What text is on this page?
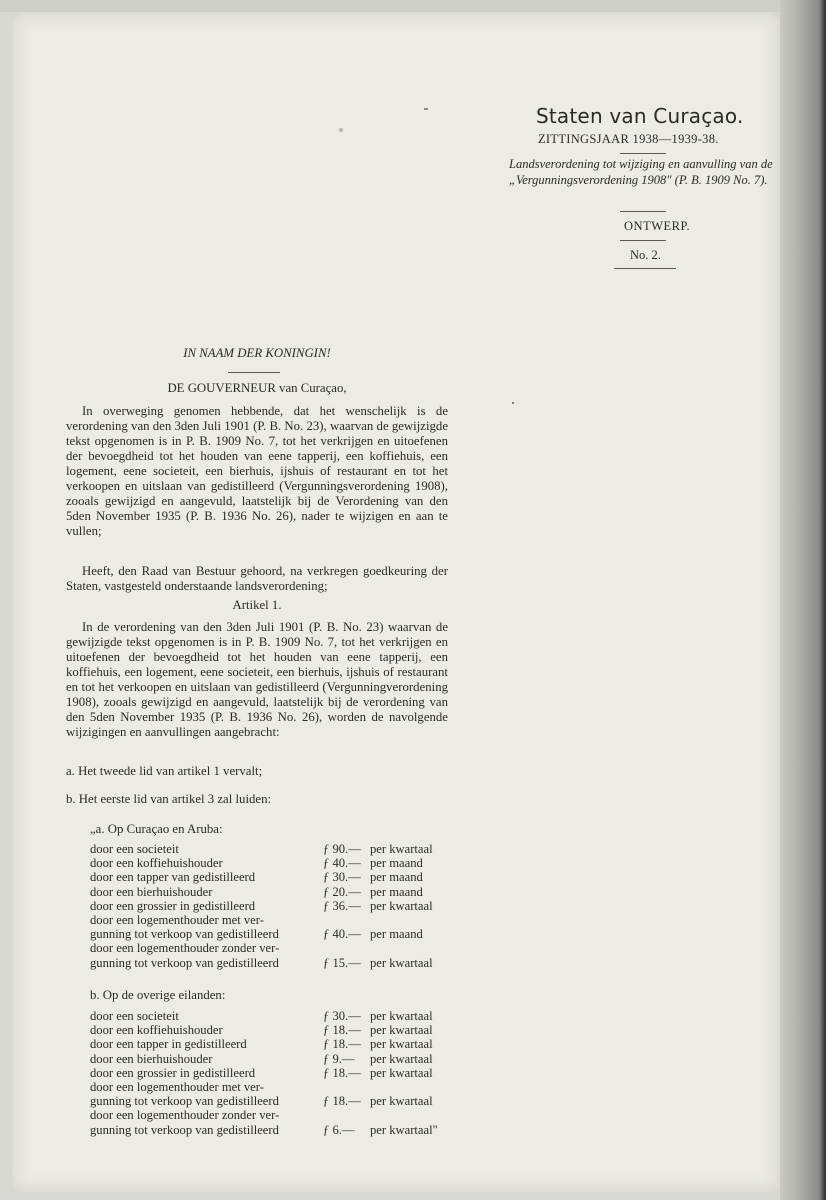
Staten van Curaçao.
ZITTINGSJAAR 1938—1939-38.
Landsverordening tot wijziging en aanvulling van de „Vergunningsverordening 1908" (P. B. 1909 No. 7).
ONTWERP.
No. 2.
IN NAAM DER KONINGIN!
DE GOUVERNEUR van Curaçao,
In overweging genomen hebbende, dat het wenschelijk is de verordening van den 3den Juli 1901 (P. B. No. 23), waarvan de gewijzigde tekst opgenomen is in P. B. 1909 No. 7, tot het verkrijgen en uitoefenen der bevoegdheid tot het houden van eene tapperij, een koffiehuis, een logement, eene societeit, een bierhuis, ijshuis of restaurant en tot het verkoopen en uitslaan van gedistilleerd (Vergunningsverordening 1908), zooals gewijzigd en aangevuld, laatstelijk bij de Verordening van den 5den November 1935 (P. B. 1936 No. 26), nader te wijzigen en aan te vullen;
Heeft, den Raad van Bestuur gehoord, na verkregen goedkeuring der Staten, vastgesteld onderstaande landsverordening;
Artikel 1.
In de verordening van den 3den Juli 1901 (P. B. No. 23) waarvan de gewijzigde tekst opgenomen is in P. B. 1909 No. 7, tot het verkrijgen en uitoefenen der bevoegdheid tot het houden van eene tapperij, een koffiehuis, een logement, eene societeit, een bierhuis, ijshuis of restaurant en tot het verkoopen en uitslaan van gedistilleerd (Vergunningverordening 1908), zooals gewijzigd en aangevuld, laatstelijk bij de verordening van den 5den November 1935 (P. B. 1936 No. 26), worden de navolgende wijzigingen en aanvullingen aangebracht:
a. Het tweede lid van artikel 1 vervalt;
b. Het eerste lid van artikel 3 zal luiden:
„a. Op Curaçao en Aruba:
door een societeit	ƒ 90.— per kwartaal
door een koffiehuishouder	ƒ 40.— per maand
door een tapper van gedistilleerd	ƒ 30.— per maand
door een bierhuishouder	ƒ 20.— per maand
door een grossier in gedistilleerd	ƒ 36.— per kwartaal
door een logementhouder met ver-
gunning tot verkoop van gedistilleerd	ƒ 40.— per maand
door een logementhouder zonder ver-
gunning tot verkoop van gedistilleerd	ƒ 15.— per kwartaal
b. Op de overige eilanden:
door een societeit	ƒ 30.— per kwartaal
door een koffiehuishouder	ƒ 18.— per kwartaal
door een tapper in gedistilleerd	ƒ 18.— per kwartaal
door een bierhuishouder	ƒ 9.— per kwartaal
door een grossier in gedistilleerd	ƒ 18.— per kwartaal
door een logementhouder met ver-
gunning tot verkoop van gedistilleerd	ƒ 18.— per kwartaal
door een logementhouder zonder ver-
gunning tot verkoop van gedistilleerd	ƒ 6.— per kwartaal"
